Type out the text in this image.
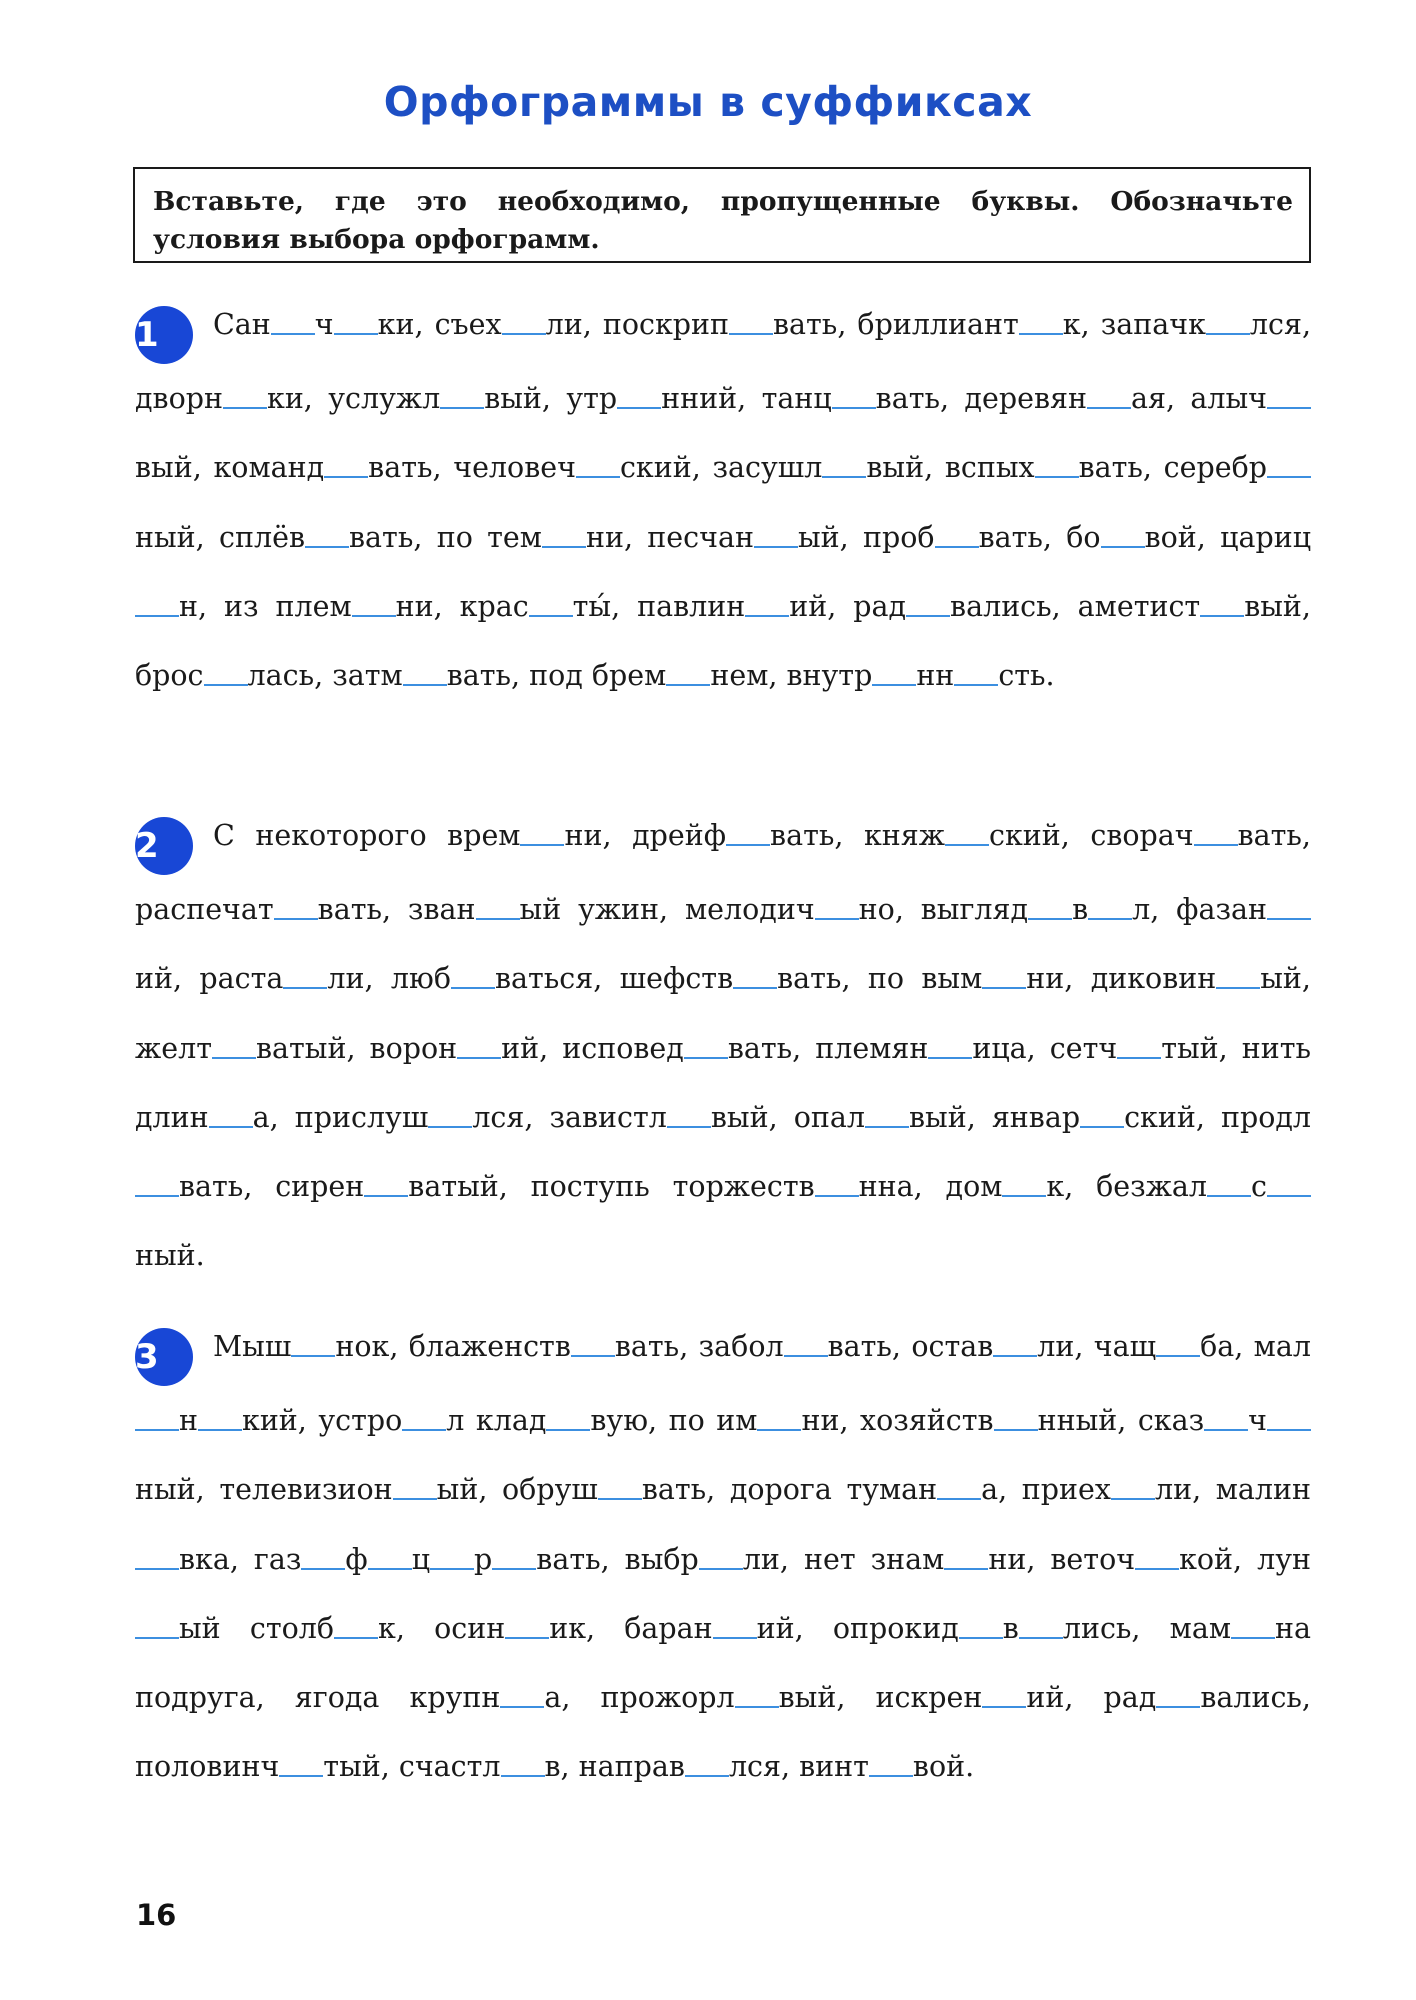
Орфограммы в суффиксах
Вставьте, где это необходимо, пропущенные буквы. Обозначьте условия выбора орфограмм.
1 Сан ч ки, съех ли, поскрип вать, бриллиант к, запачк лся, дворн ки, услужл вый, утр нний, танц вать, деревян ая, алычвый, команд вать, человеч ский, засушл вый, вспых вать, серебрный, сплёв вать, по тем ни, песчан ый, проб вать, бо вой, царицн, из плем ни, крас ты́, павлин ий, рад вались, аметист вый, брос лась, затм вать, под брем нем, внутр нн сть.
2 С некоторого врем ни, дрейф вать, княж ский, сворач вать, распечат вать, зван ый ужин, мелодич но, выгляд в л, фазаний, раста ли, люб ваться, шефств вать, по вым ни, диковин ый, желт ватый, ворон ий, исповед вать, племян ица, сетч тый, нить длин а, прислуш лся, завистл вый, опал вый, январ ский, продлвать, сирен ватый, поступь торжеств нна, дом к, безжал сный.
3 Мыш нок, блаженств вать, забол вать, остав ли, чащ ба, малн кий, устро л клад вую, по им ни, хозяйств нный, сказ чный, телевизион ый, обруш вать, дорога туман а, приех ли, малинвка, газ ф ц р вать, выбр ли, нет знам ни, веточ кой, луный столб к, осин ик, баран ий, опрокид в лись, мам на подруга, ягода крупн а, прожорл вый, искрен ий, рад вались, половинч тый, счастл в, направ лся, винт вой.
16
